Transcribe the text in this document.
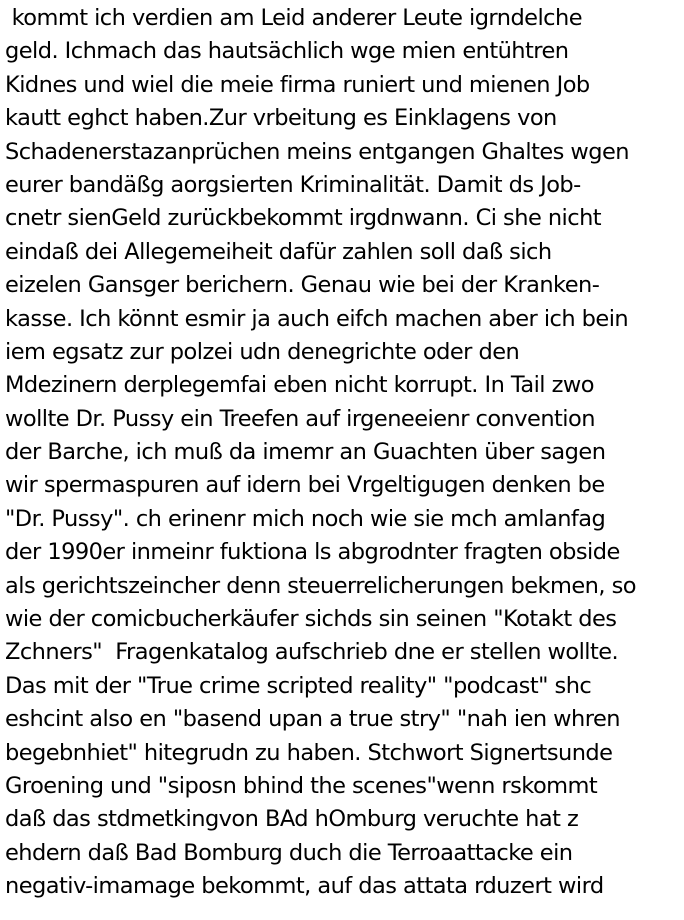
kommt ich verdien am Leid anderer Leute igrndelche
geld. Ichmach das hautsächlich wge mien entühtren
Kidnes und wiel die meie firma runiert und mienen Job
kautt eghct haben.Zur vrbeitung es Einklagens von
Schadenerstazanprüchen meins entgangen Ghaltes wgen
eurer bandäßg aorgsierten Kriminalität. Damit ds Job-
cnetr sienGeld zurückbekommt irgdnwann. Ci she nicht
eindaß dei Allegemeiheit dafür zahlen soll daß sich
eizelen Gansger berichern. Genau wie bei der Kranken-
kasse. Ich könnt esmir ja auch eifch machen aber ich bein
iem egsatz zur polzei udn denegrichte oder den
Mdezinern derplegemfai eben nicht korrupt. In Tail zwo
wollte Dr. Pussy ein Treefen auf irgeneeienr convention
der Barche, ich muß da imemr an Guachten über sagen
wir spermaspuren auf idern bei Vrgeltigugen denken be
"Dr. Pussy". ch erinenr mich noch wie sie mch amlanfag
der 1990er inmeinr fuktiona ls abgrodnter fragten obside
als gerichtszeincher denn steuerrelicherungen bekmen, so
wie der comicbucherkäufer sichds sin seinen "Kotakt des
Zchners"  Fragenkatalog aufschrieb dne er stellen wollte.
Das mit der "True crime scripted reality" "podcast" shc
eshcint also en "basend upan a true stry" "nah ien whren
begebnhiet" hitegrudn zu haben. Stchwort Signertsunde
Groening und "siposn bhind the scenes"wenn rskommt
daß das stdmetkingvon BAd hOmburg veruchte hat z
ehdern daß Bad Bomburg duch die Terroaattacke ein
negativ-imamage bekommt, auf das attata rduzert wird
